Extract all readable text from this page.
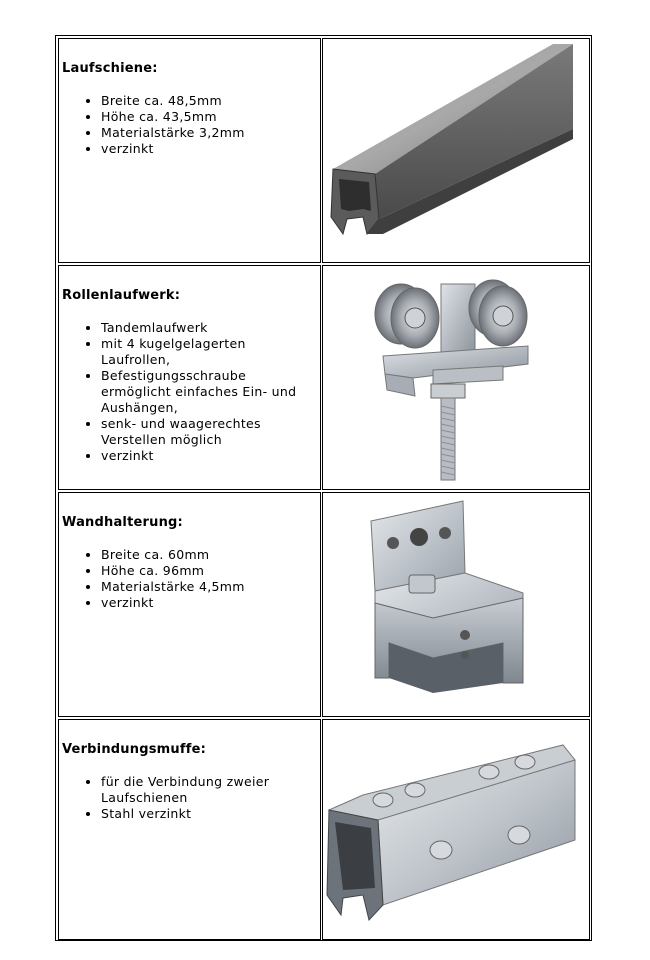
Laufschiene:
• Breite ca. 48,5mm
• Höhe ca. 43,5mm
• Materialstärke 3,2mm
• verzinkt
Rollenlaufwerk:
• Tandemlaufwerk
• mit 4 kugelgelagerten Laufrollen,
• Befestigungsschraube ermöglicht einfaches Ein- und Aushängen,
• senk- und waagerechtes Verstellen möglich
• verzinkt
Wandhalterung:
• Breite ca. 60mm
• Höhe ca. 96mm
• Materialstärke 4,5mm
• verzinkt
Verbindungsmuffe:
• für die Verbindung zweier Laufschienen
• Stahl verzinkt
